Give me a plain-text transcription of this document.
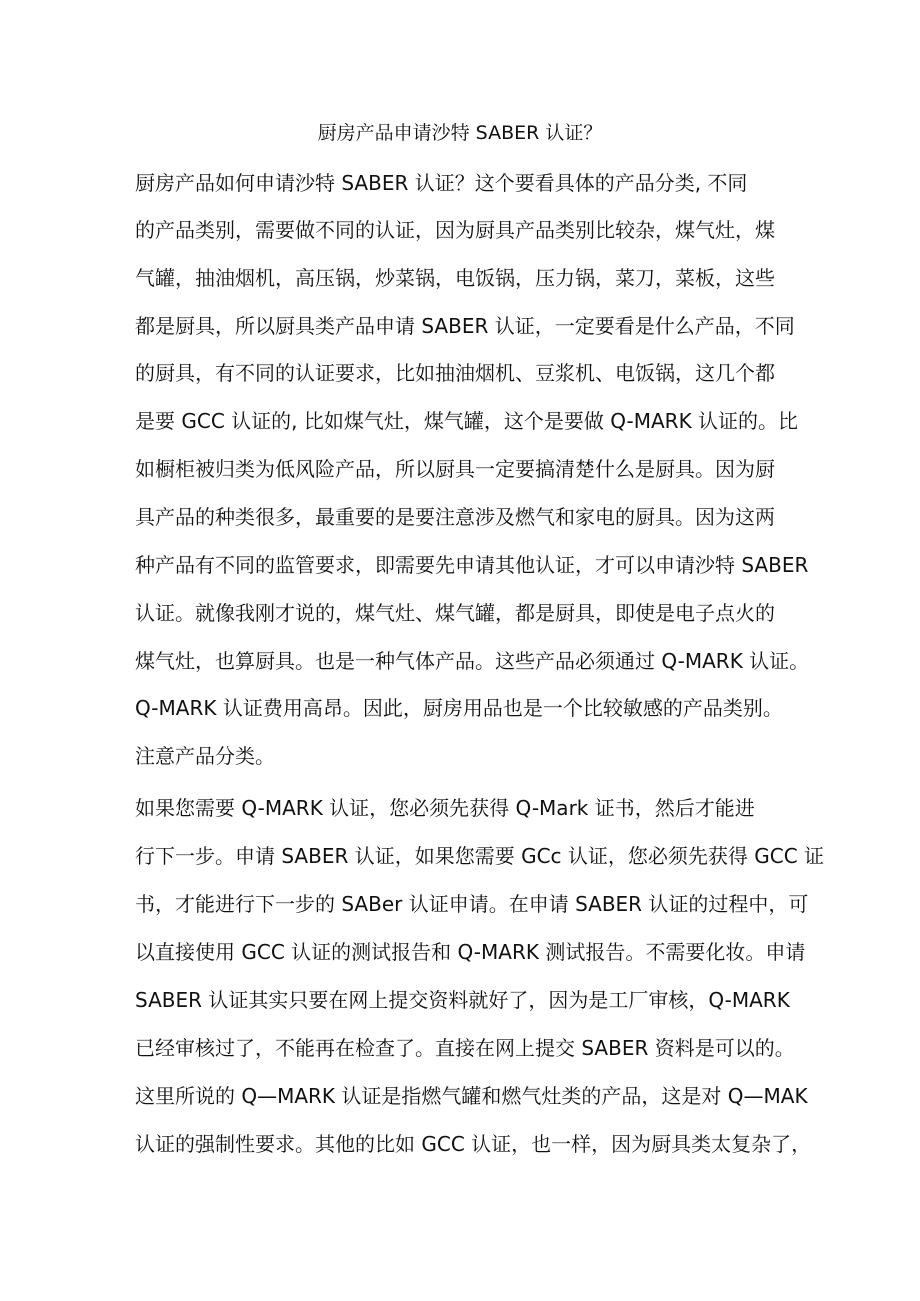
厨房产品申请沙特 SABER 认证？
厨房产品如何申请沙特 SABER 认证？这个要看具体的产品分类, 不同
的产品类别，需要做不同的认证，因为厨具产品类别比较杂，煤气灶，煤
气罐，抽油烟机，高压锅，炒菜锅，电饭锅，压力锅，菜刀，菜板，这些
都是厨具，所以厨具类产品申请 SABER 认证，一定要看是什么产品，不同
的厨具，有不同的认证要求，比如抽油烟机、豆浆机、电饭锅，这几个都
是要 GCC 认证的, 比如煤气灶，煤气罐，这个是要做 Q-MARK 认证的。比
如橱柜被归类为低风险产品，所以厨具一定要搞清楚什么是厨具。因为厨
具产品的种类很多，最重要的是要注意涉及燃气和家电的厨具。因为这两
种产品有不同的监管要求，即需要先申请其他认证，才可以申请沙特 SABER
认证。就像我刚才说的，煤气灶、煤气罐，都是厨具，即使是电子点火的
煤气灶，也算厨具。也是一种气体产品。这些产品必须通过 Q-MARK 认证。
Q-MARK 认证费用高昂。因此，厨房用品也是一个比较敏感的产品类别。
注意产品分类。
如果您需要 Q-MARK 认证，您必须先获得 Q-Mark 证书，然后才能进
行下一步。申请 SABER 认证，如果您需要 GCc 认证，您必须先获得 GCC 证
书，才能进行下一步的 SABer 认证申请。在申请 SABER 认证的过程中，可
以直接使用 GCC 认证的测试报告和 Q-MARK 测试报告。不需要化妆。申请
SABER 认证其实只要在网上提交资料就好了，因为是工厂审核，Q-MARK
已经审核过了，不能再在检查了。直接在网上提交 SABER 资料是可以的。
这里所说的 Q—MARK 认证是指燃气罐和燃气灶类的产品，这是对 Q—MAK
认证的强制性要求。其他的比如 GCC 认证，也一样，因为厨具类太复杂了，
